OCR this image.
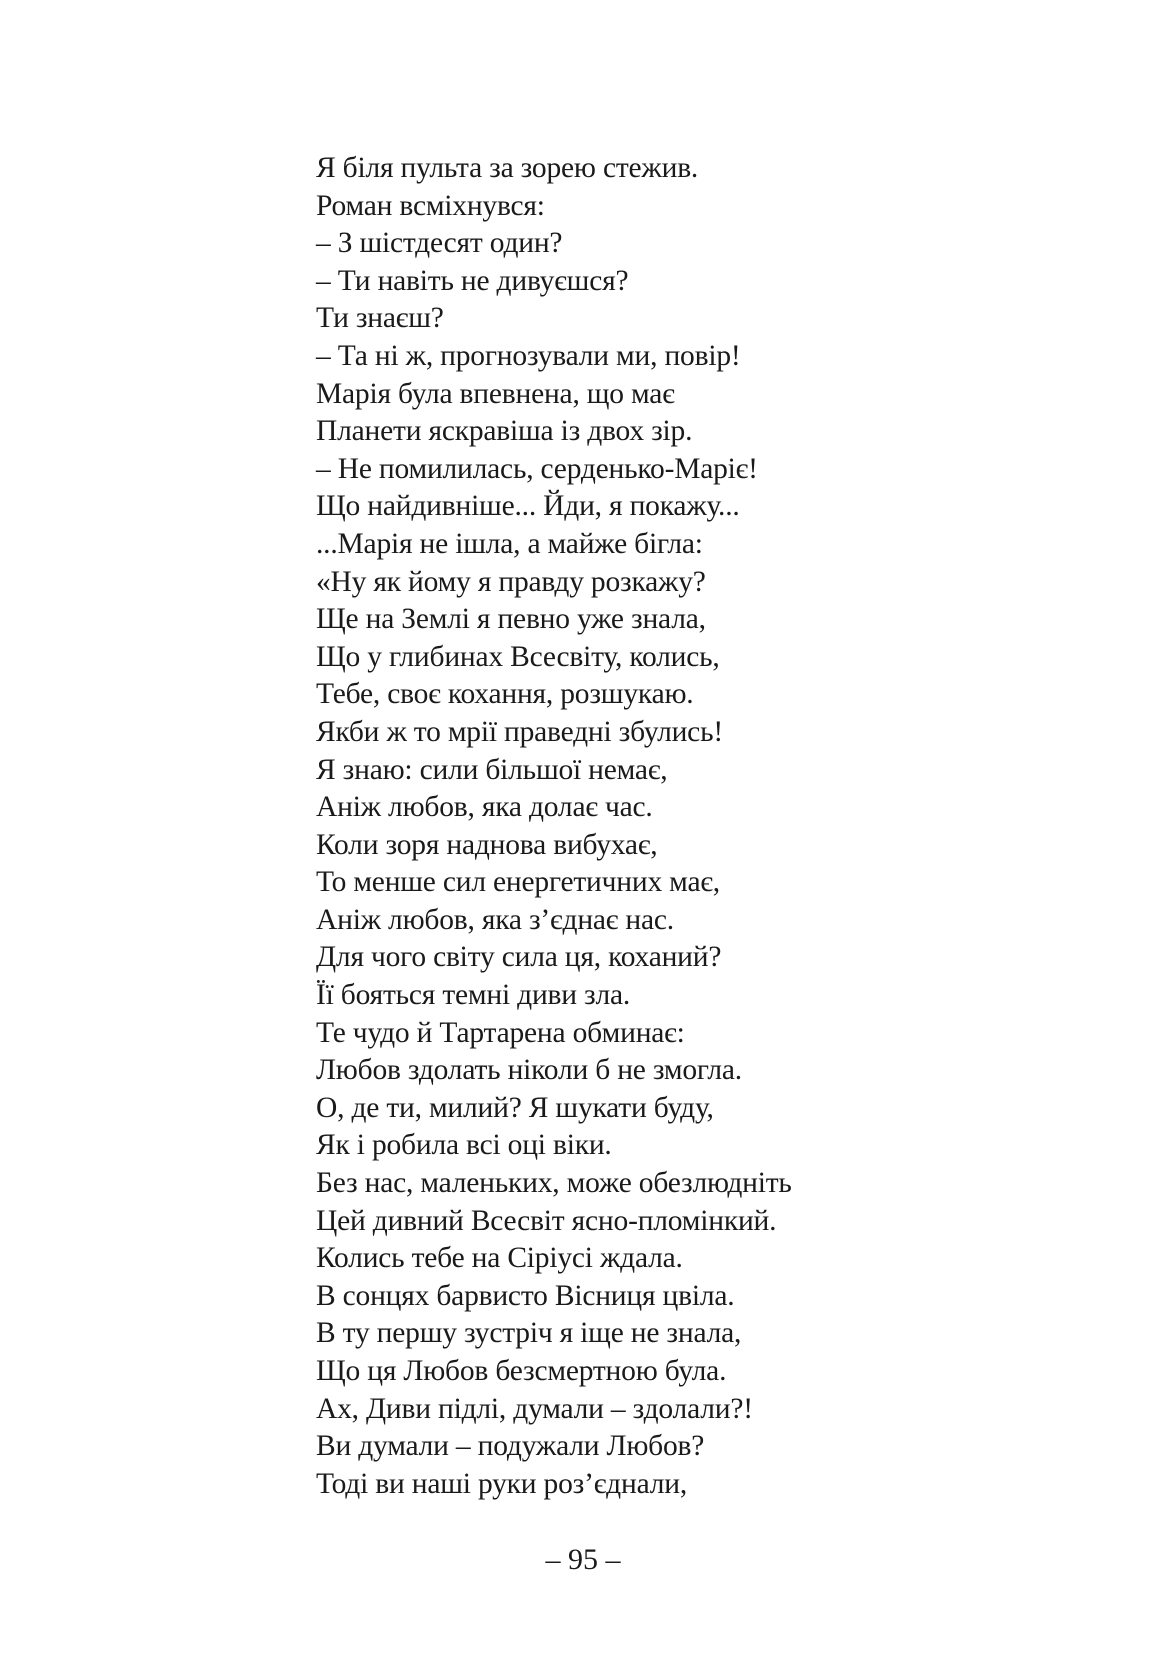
Я біля пульта за зорею стежив.
Роман всміхнувся:
– З шістдесят один?
– Ти навіть не дивуєшся?
Ти знаєш?
– Та ні ж, прогнозували ми, повір!
Марія була впевнена, що має
Планети яскравіша із двох зір.
– Не помилилась, серденько-Маріє!
Що найдивніше... Йди, я покажу...
...Марія не ішла, а майже бігла:
«Ну як йому я правду розкажу?
Ще на Землі я певно уже знала,
Що у глибинах Всесвіту, колись,
Тебе, своє кохання, розшукаю.
Якби ж то мрії праведні збулись!
Я знаю: сили більшої немає,
Аніж любов, яка долає час.
Коли зоря наднова вибухає,
То менше сил енергетичних має,
Аніж любов, яка з’єднає нас.
Для чого світу сила ця, коханий?
Її бояться темні диви зла.
Те чудо й Тартарена обминає:
Любов здолать ніколи б не змогла.
О, де ти, милий? Я шукати буду,
Як і робила всі оці віки.
Без нас, маленьких, може обезлюдніть
Цей дивний Всесвіт ясно-пломінкий.
Колись тебе на Сіріусі ждала.
В сонцях барвисто Вісниця цвіла.
В ту першу зустріч я іще не знала,
Що ця Любов безсмертною була.
Ах, Диви підлі, думали – здолали?!
Ви думали – подужали Любов?
Тоді ви наші руки роз’єднали,
– 95 –
